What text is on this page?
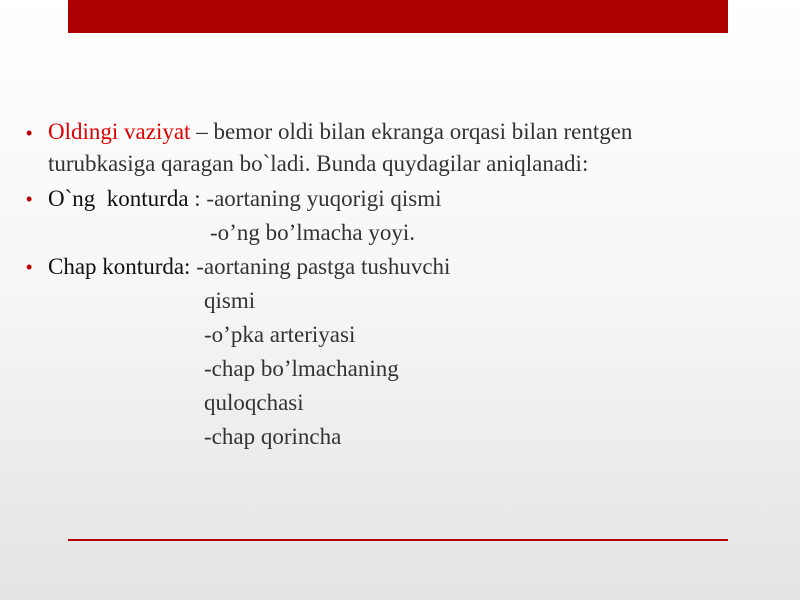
• Oldingi vaziyat – bemor oldi bilan ekranga orqasi bilan rentgen
turubkasiga qaragan bo`ladi. Bunda quydagilar aniqlanadi:
• O`ng  konturda : -aortaning yuqorigi qismi
-o’ng bo’lmacha yoyi.
• Chap konturda: -aortaning pastga tushuvchi
qismi
-o’pka arteriyasi
-chap bo’lmachaning
quloqchasi
-chap qorincha
